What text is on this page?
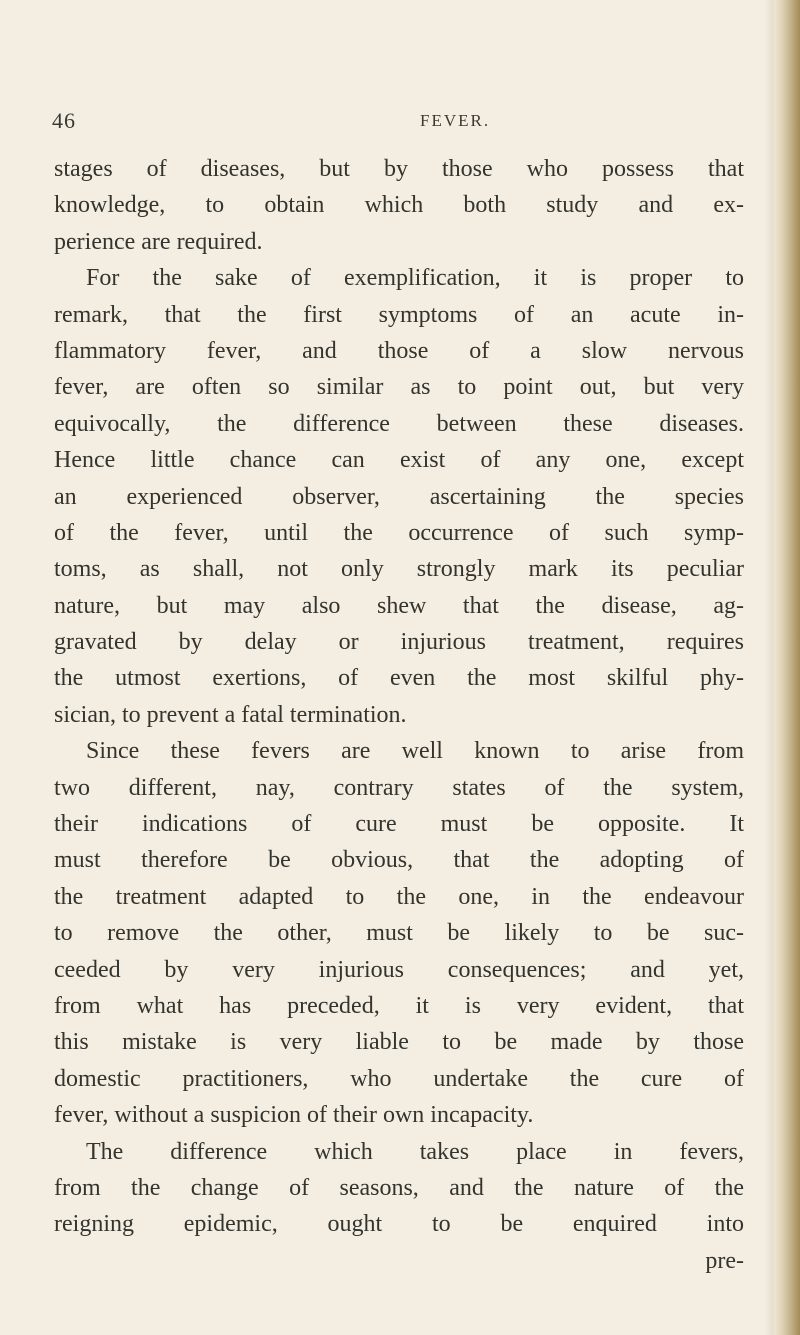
46	FEVER.
stages of diseases, but by those who possess that
knowledge, to obtain which both study and ex-
perience are required.
For the sake of exemplification, it is proper to
remark, that the first symptoms of an acute in-
flammatory fever, and those of a slow nervous
fever, are often so similar as to point out, but very
equivocally, the difference between these diseases.
Hence little chance can exist of any one, except
an experienced observer, ascertaining the species
of the fever, until the occurrence of such symp-
toms, as shall, not only strongly mark its peculiar
nature, but may also shew that the disease, ag-
gravated by delay or injurious treatment, requires
the utmost exertions, of even the most skilful phy-
sician, to prevent a fatal termination.
Since these fevers are well known to arise from
two different, nay, contrary states of the system,
their indications of cure must be opposite. It
must therefore be obvious, that the adopting of
the treatment adapted to the one, in the endeavour
to remove the other, must be likely to be suc-
ceeded by very injurious consequences; and yet,
from what has preceded, it is very evident, that
this mistake is very liable to be made by those
domestic practitioners, who undertake the cure of
fever, without a suspicion of their own incapacity.
The difference which takes place in fevers,
from the change of seasons, and the nature of the
reigning epidemic, ought to be enquired into
pre-
